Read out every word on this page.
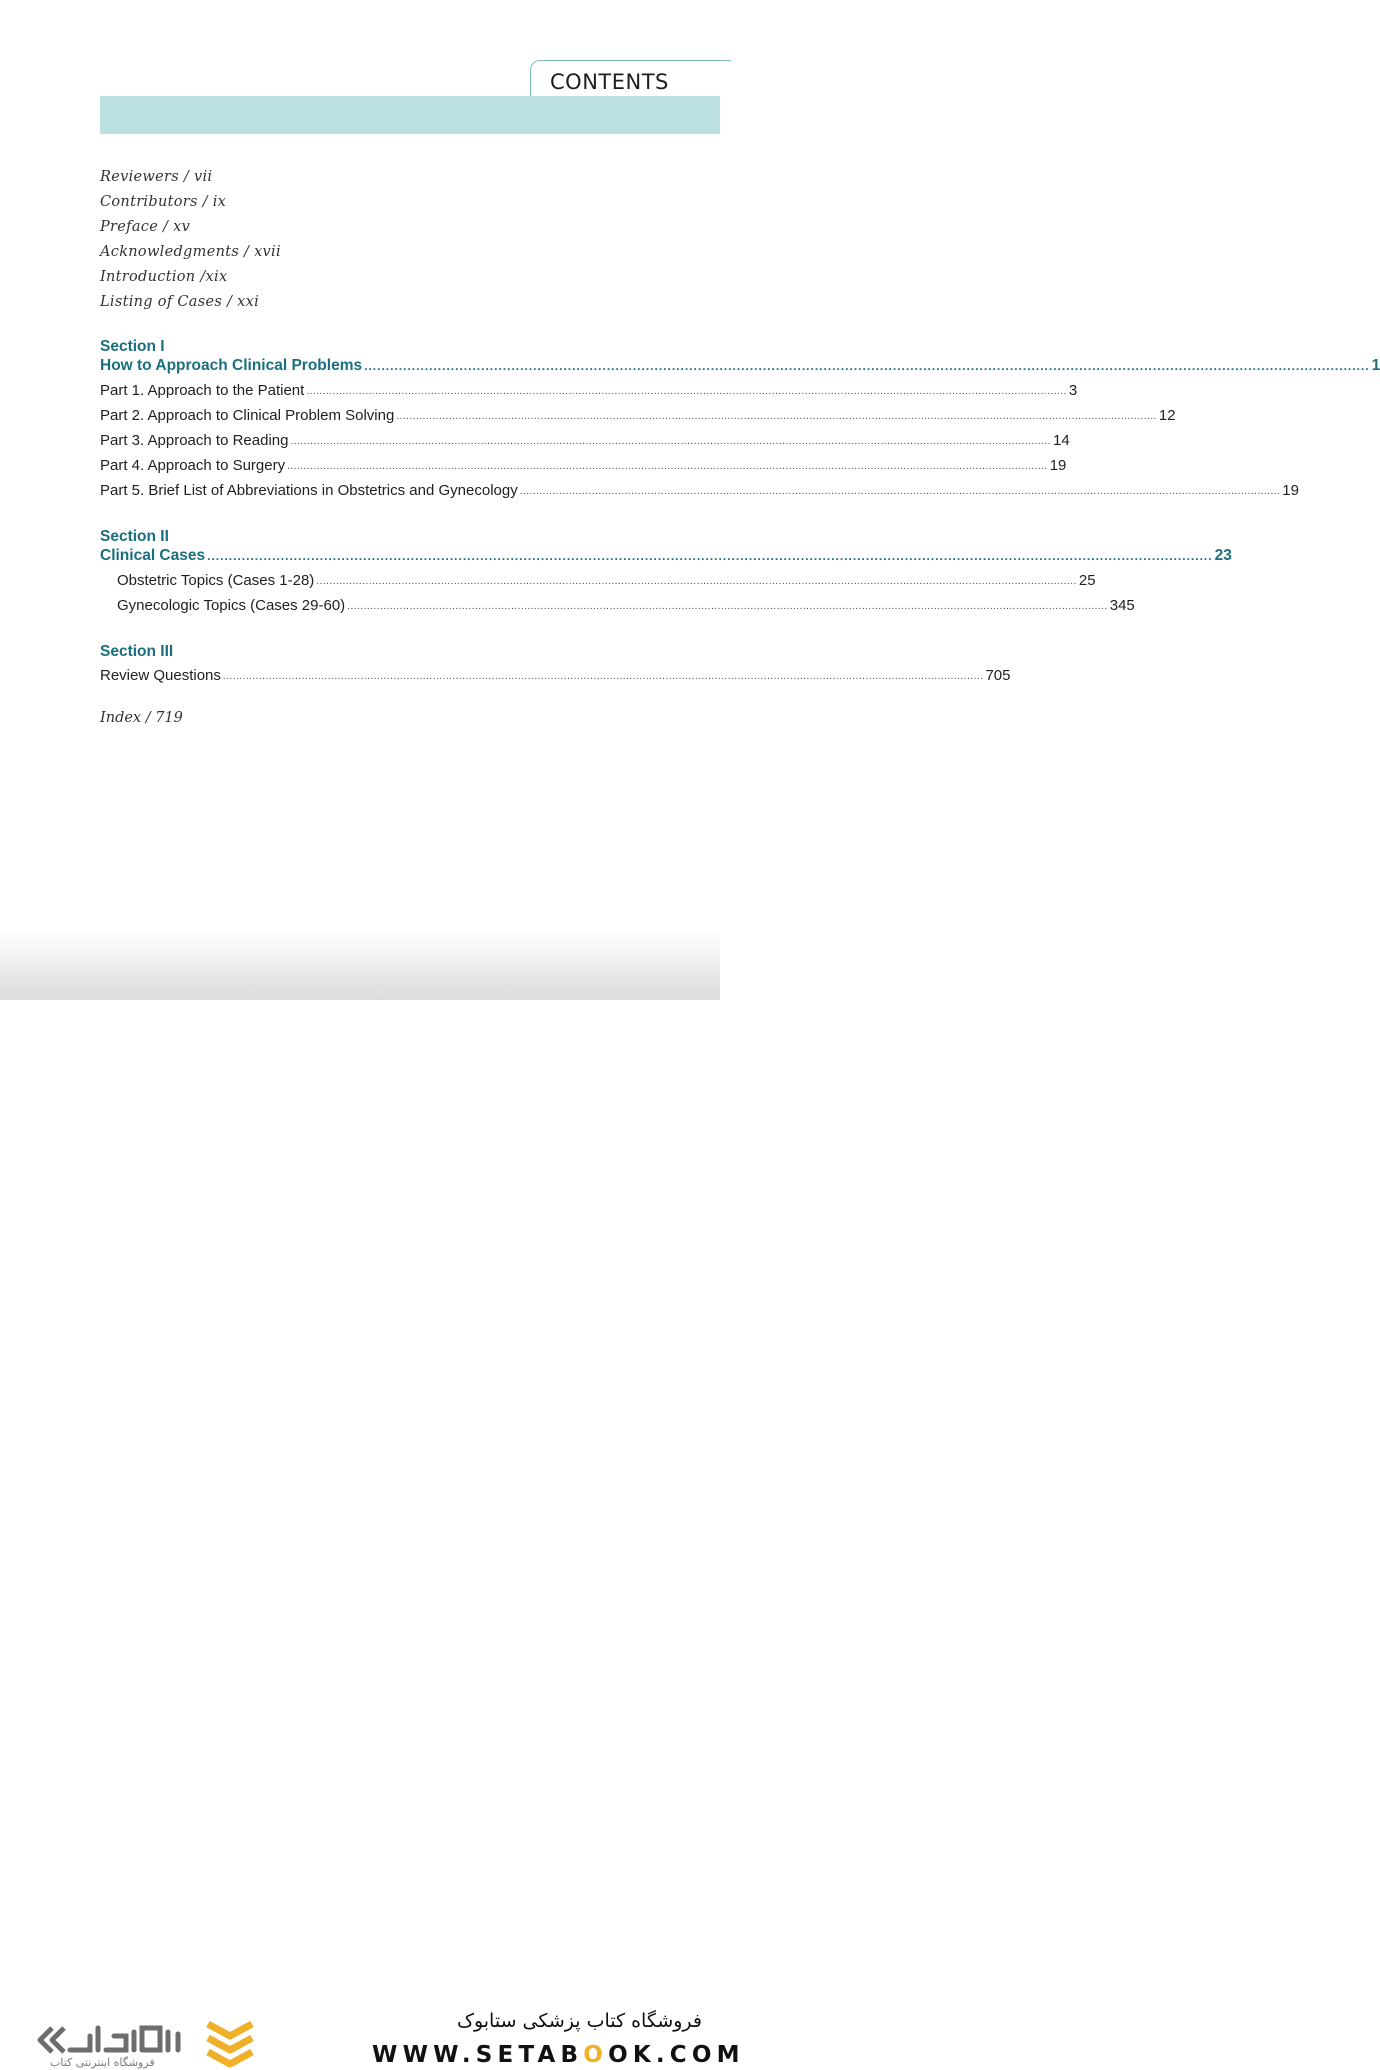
CONTENTS
Reviewers / vii
Contributors / ix
Preface / xv
Acknowledgments / xvii
Introduction /xix
Listing of Cases / xxi
Section I
How to Approach Clinical Problems .....	1
Part 1. Approach to the Patient .....	3
Part 2. Approach to Clinical Problem Solving .....	12
Part 3. Approach to Reading .....	14
Part 4. Approach to Surgery .....	19
Part 5. Brief List of Abbreviations in Obstetrics and Gynecology .....	19
Section II
Clinical Cases .....	23
Obstetric Topics (Cases 1-28) .....	25
Gynecologic Topics (Cases 29-60) .....	345
Section III
Review Questions .....	705
Index / 719
فروشگاه اینترنتی کتاب
فروشگاه کتاب پزشکی ستابوک
WWW.SETABOOK.COM
